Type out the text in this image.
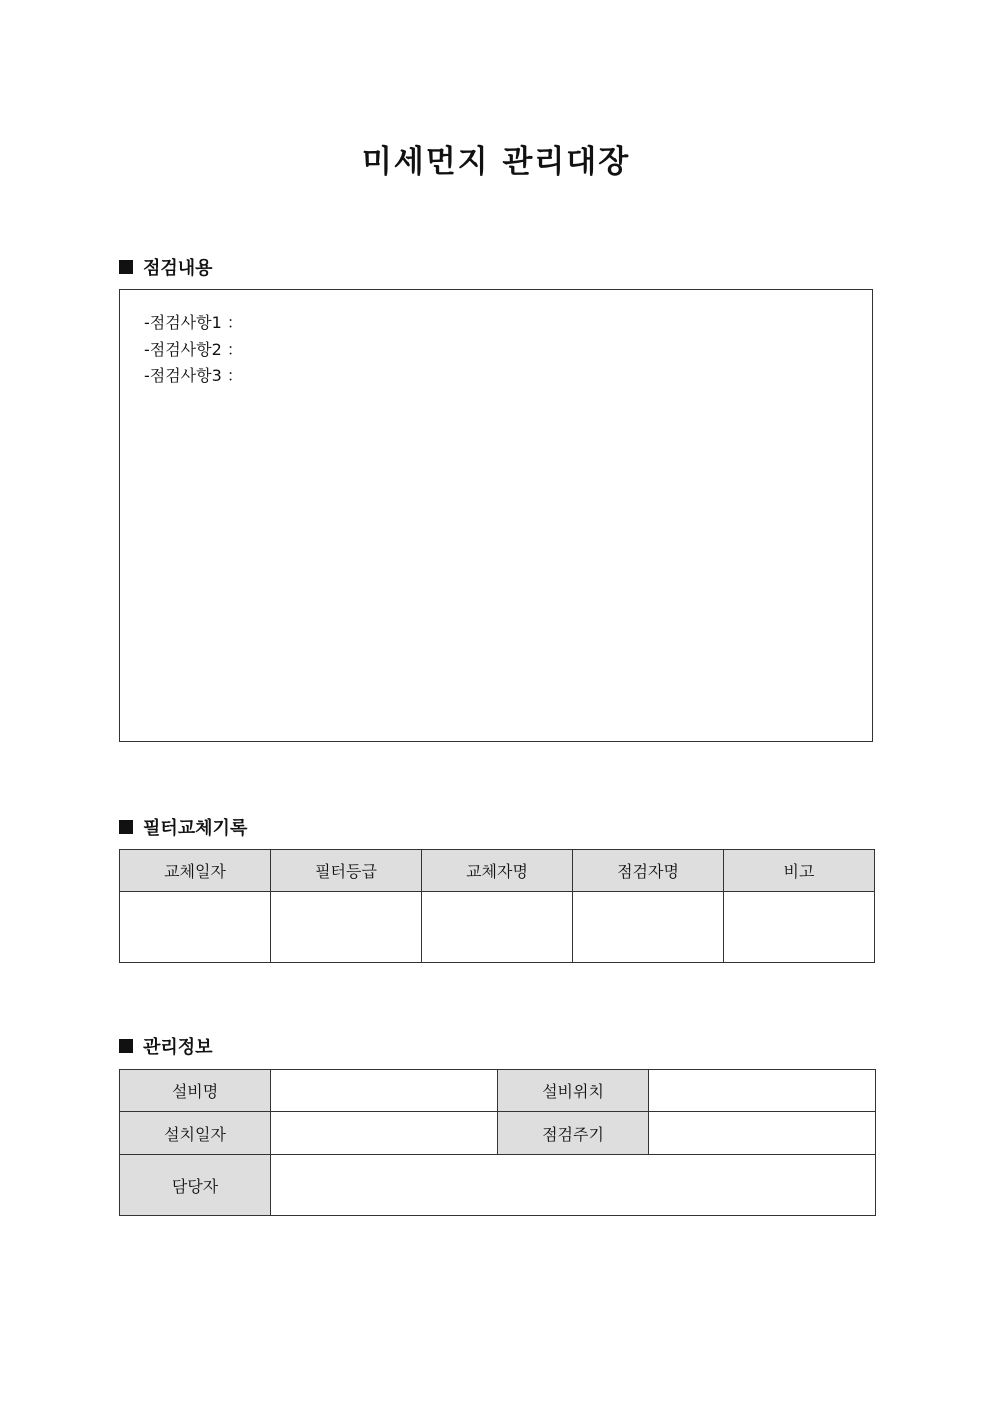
미세먼지 관리대장
점검내용
-점검사항1 ：
-점검사항2 ：
-점검사항3 ：
필터교체기록
교체일자	필터등급	교체자명	점검자명	비고

관리정보
설비명		설비위치	
설치일자		점검주기	
담당자			
